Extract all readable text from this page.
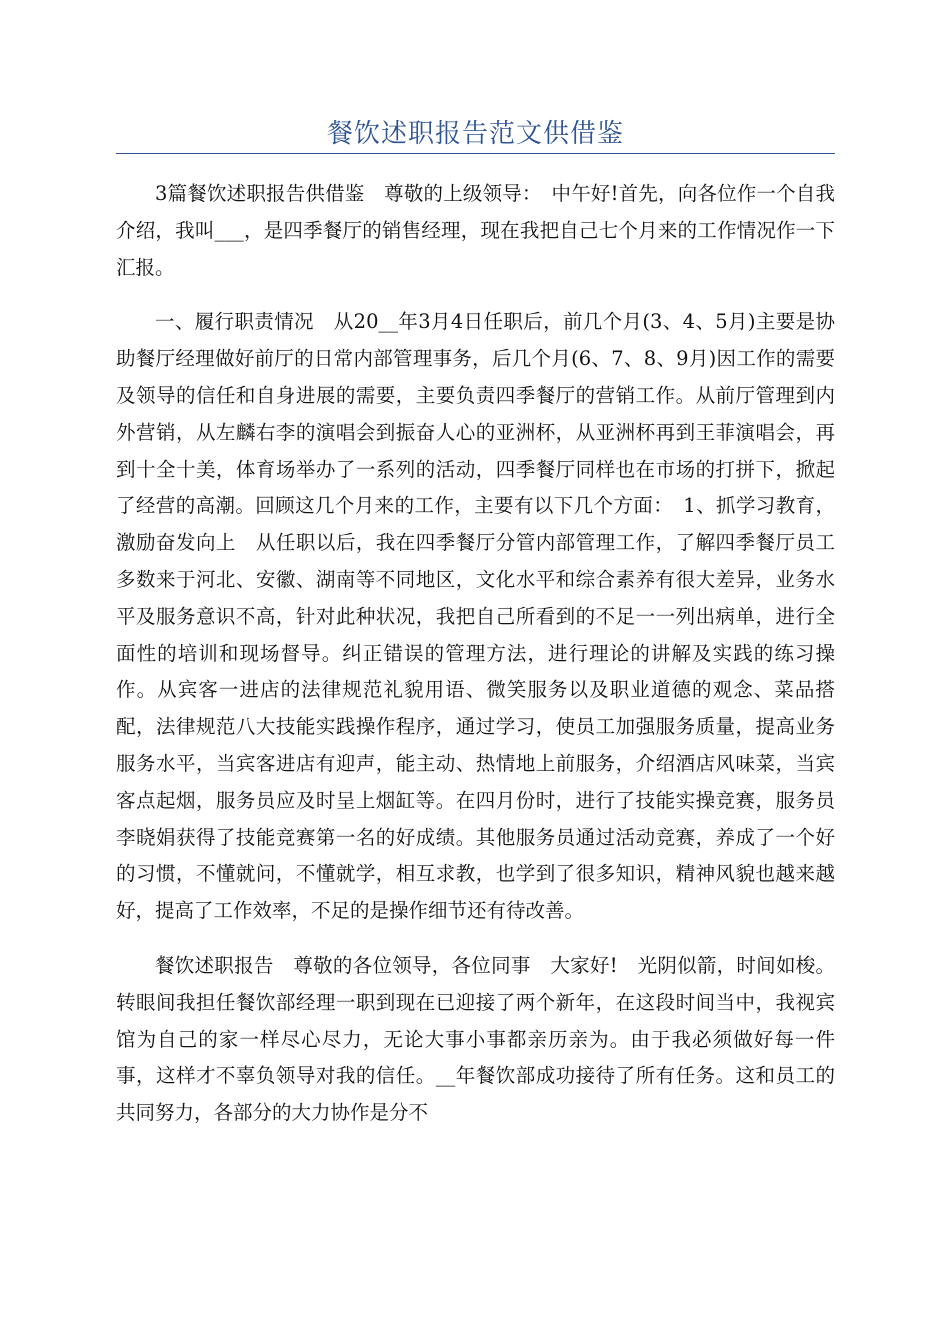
餐饮述职报告范文供借鉴

3篇餐饮述职报告供借鉴　尊敬的上级领导：　中午好!首先，向各位作一个自我介绍，我叫___，是四季餐厅的销售经理，现在我把自己七个月来的工作情况作一下汇报。

一、履行职责情况　从20__年3月4日任职后，前几个月(3、4、5月)主要是协助餐厅经理做好前厅的日常内部管理事务，后几个月(6、7、8、9月)因工作的需要及领导的信任和自身进展的需要，主要负责四季餐厅的营销工作。从前厅管理到内外营销，从左麟右李的演唱会到振奋人心的亚洲杯，从亚洲杯再到王菲演唱会，再到十全十美，体育场举办了一系列的活动，四季餐厅同样也在市场的打拼下，掀起了经营的高潮。回顾这几个月来的工作，主要有以下几个方面：　1、抓学习教育，激励奋发向上　从任职以后，我在四季餐厅分管内部管理工作，了解四季餐厅员工多数来于河北、安徽、湖南等不同地区，文化水平和综合素养有很大差异，业务水平及服务意识不高，针对此种状况，我把自己所看到的不足一一列出病单，进行全面性的培训和现场督导。纠正错误的管理方法，进行理论的讲解及实践的练习操作。从宾客一进店的法律规范礼貌用语、微笑服务以及职业道德的观念、菜品搭配，法律规范八大技能实践操作程序，通过学习，使员工加强服务质量，提高业务服务水平，当宾客进店有迎声，能主动、热情地上前服务，介绍酒店风味菜，当宾客点起烟，服务员应及时呈上烟缸等。在四月份时，进行了技能实操竞赛，服务员李晓娟获得了技能竞赛第一名的好成绩。其他服务员通过活动竞赛，养成了一个好的习惯，不懂就问，不懂就学，相互求教，也学到了很多知识，精神风貌也越来越好，提高了工作效率，不足的是操作细节还有待改善。

餐饮述职报告　尊敬的各位领导，各位同事　大家好!　光阴似箭，时间如梭。转眼间我担任餐饮部经理一职到现在已迎接了两个新年，在这段时间当中，我视宾馆为自己的家一样尽心尽力，无论大事小事都亲历亲为。由于我必须做好每一件事，这样才不辜负领导对我的信任。__年餐饮部成功接待了所有任务。这和员工的共同努力，各部分的大力协作是分不
